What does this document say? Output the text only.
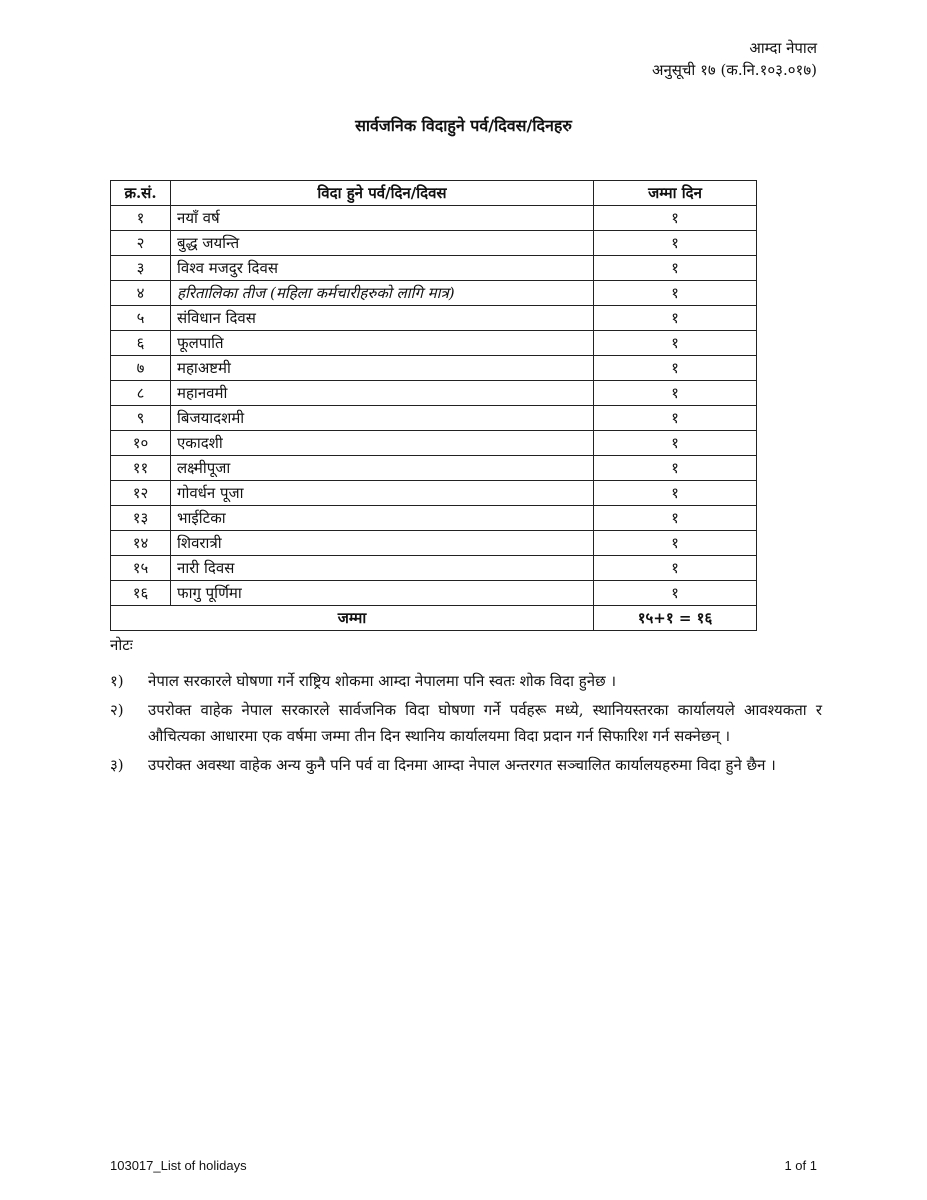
आम्दा नेपाल
अनुसूची १७ (क.नि.१०३.०१७)
सार्वजनिक विदाहुने पर्व/दिवस/दिनहरु
क्र.सं.	विदा हुने पर्व/दिन/दिवस	जम्मा दिन
१	नयाँ वर्ष	१
२	बुद्ध जयन्ति	१
३	विश्व मजदुर दिवस	१
४	हरितालिका तीज (महिला कर्मचारीहरुको लागि मात्र)	१
५	संविधान दिवस	१
६	फूलपाति	१
७	महाअष्टमी	१
८	महानवमी	१
९	बिजयादशमी	१
१०	एकादशी	१
११	लक्ष्मीपूजा	१
१२	गोवर्धन पूजा	१
१३	भाईटिका	१
१४	शिवरात्री	१
१५	नारी दिवस	१
१६	फागु पूर्णिमा	१
जम्मा		१५+१ = १६
नोटः
१)	नेपाल सरकारले घोषणा गर्ने राष्ट्रिय शोकमा आम्दा नेपालमा पनि स्वतः शोक विदा हुनेछ ।
२)	उपरोक्त वाहेक नेपाल सरकारले सार्वजनिक विदा घोषणा गर्ने पर्वहरू मध्ये, स्थानियस्तरका कार्यालयले आवश्यकता र औचित्यका आधारमा एक वर्षमा जम्मा तीन दिन स्थानिय कार्यालयमा विदा प्रदान गर्न सिफारिश गर्न सक्नेछन् ।
३)	उपरोक्त अवस्था वाहेक अन्य कुनै पनि पर्व वा दिनमा आम्दा नेपाल अन्तरगत सञ्चालित कार्यालयहरुमा विदा हुने छैन ।
103017_List of holidays	1 of 1
